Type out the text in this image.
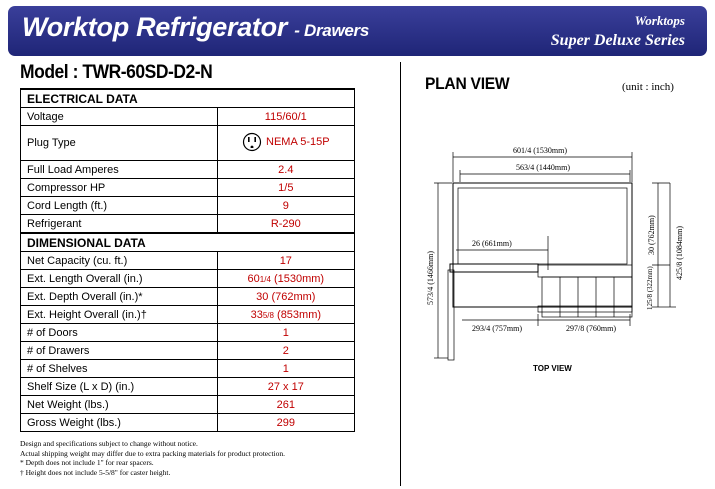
Worktop Refrigerator - Drawers
Worktops
Super Deluxe Series
Model : TWR-60SD-D2-N
ELECTRICAL DATA	
Voltage	115/60/1
Plug Type	NEMA 5-15P

Full Load Amperes	2.4
Compressor HP	1/5
Cord Length (ft.)	9
Refrigerant	R-290
DIMENSIONAL DATA	
Net Capacity (cu. ft.)	17
Ext. Length Overall (in.)	601/4 (1530mm)
Ext. Depth Overall (in.)*	30 (762mm)
Ext. Height Overall (in.)†	335/8 (853mm)
# of Doors	1
# of Drawers	2
# of Shelves	1
Shelf Size (L x D) (in.)	27 x 17
Net Weight (lbs.)	261
Gross Weight (lbs.)	299
Design and specifications subject to change without notice.
Actual shipping weight may differ due to extra packing materials for product protection.
* Depth does not include 1" for rear spacers.
† Height does not include 5-5/8" for caster height.
PLAN VIEW	(unit : inch)
601/4 (1530mm)
563/4 (1440mm)
26 (661mm)
573/4 (1466mm)
30 (762mm) 425/8 (1084mm)
125/8 (322mm)
293/4 (757mm)	297/8 (760mm)
TOP VIEW
